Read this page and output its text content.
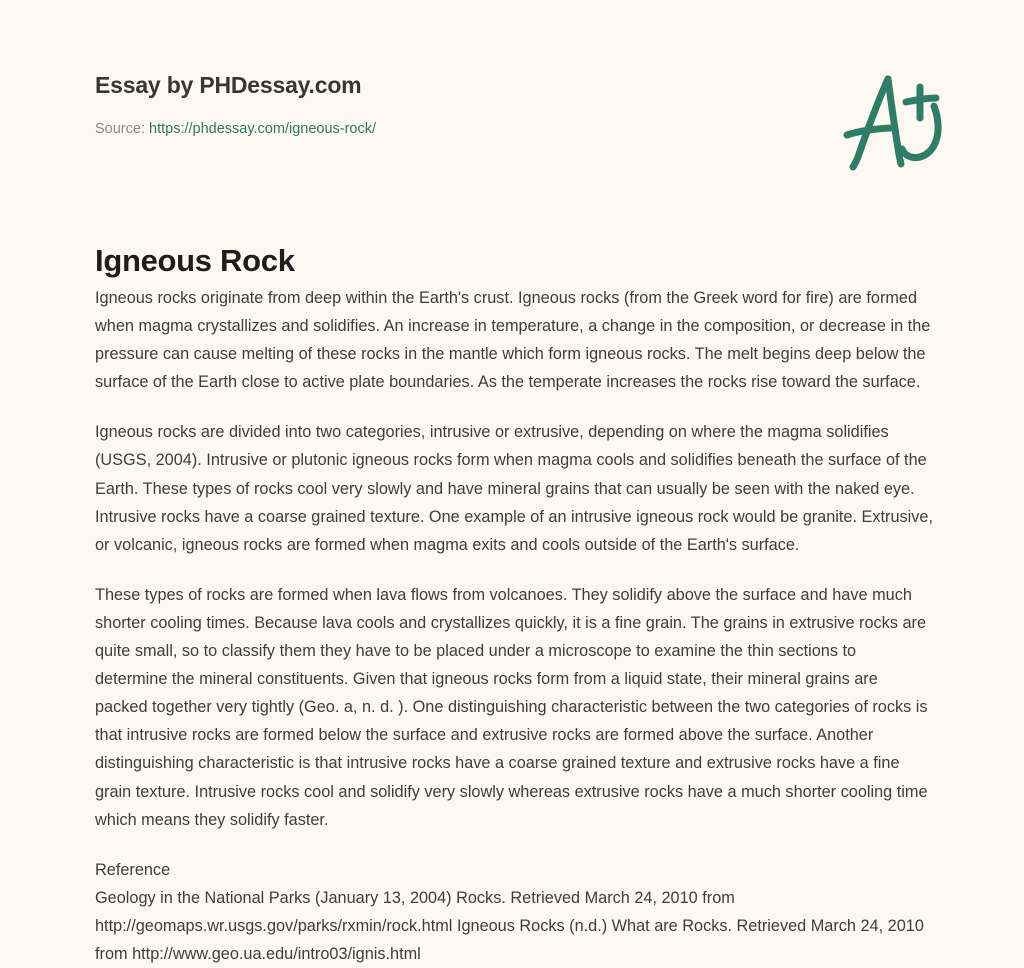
Essay by PHDessay.com
Source: https://phdessay.com/igneous-rock/
Igneous Rock

Igneous rocks originate from deep within the Earth's crust. Igneous rocks (from the Greek word for fire) are formed when magma crystallizes and solidifies. An increase in temperature, a change in the composition, or decrease in the pressure can cause melting of these rocks in the mantle which form igneous rocks. The melt begins deep below the surface of the Earth close to active plate boundaries. As the temperate increases the rocks rise toward the surface.

Igneous rocks are divided into two categories, intrusive or extrusive, depending on where the magma solidifies (USGS, 2004). Intrusive or plutonic igneous rocks form when magma cools and solidifies beneath the surface of the Earth. These types of rocks cool very slowly and have mineral grains that can usually be seen with the naked eye. Intrusive rocks have a coarse grained texture. One example of an intrusive igneous rock would be granite. Extrusive, or volcanic, igneous rocks are formed when magma exits and cools outside of the Earth's surface.

These types of rocks are formed when lava flows from volcanoes. They solidify above the surface and have much shorter cooling times. Because lava cools and crystallizes quickly, it is a fine grain. The grains in extrusive rocks are quite small, so to classify them they have to be placed under a microscope to examine the thin sections to determine the mineral constituents. Given that igneous rocks form from a liquid state, their mineral grains are packed together very tightly (Geo. a, n. d. ). One distinguishing characteristic between the two categories of rocks is that intrusive rocks are formed below the surface and extrusive rocks are formed above the surface. Another distinguishing characteristic is that intrusive rocks have a coarse grained texture and extrusive rocks have a fine grain texture. Intrusive rocks cool and solidify very slowly whereas extrusive rocks have a much shorter cooling time which means they solidify faster.

Reference
Geology in the National Parks (January 13, 2004) Rocks. Retrieved March 24, 2010 from http://geomaps.wr.usgs.gov/parks/rxmin/rock.html Igneous Rocks (n.d.) What are Rocks. Retrieved March 24, 2010 from http://www.geo.ua.edu/intro03/ignis.html
